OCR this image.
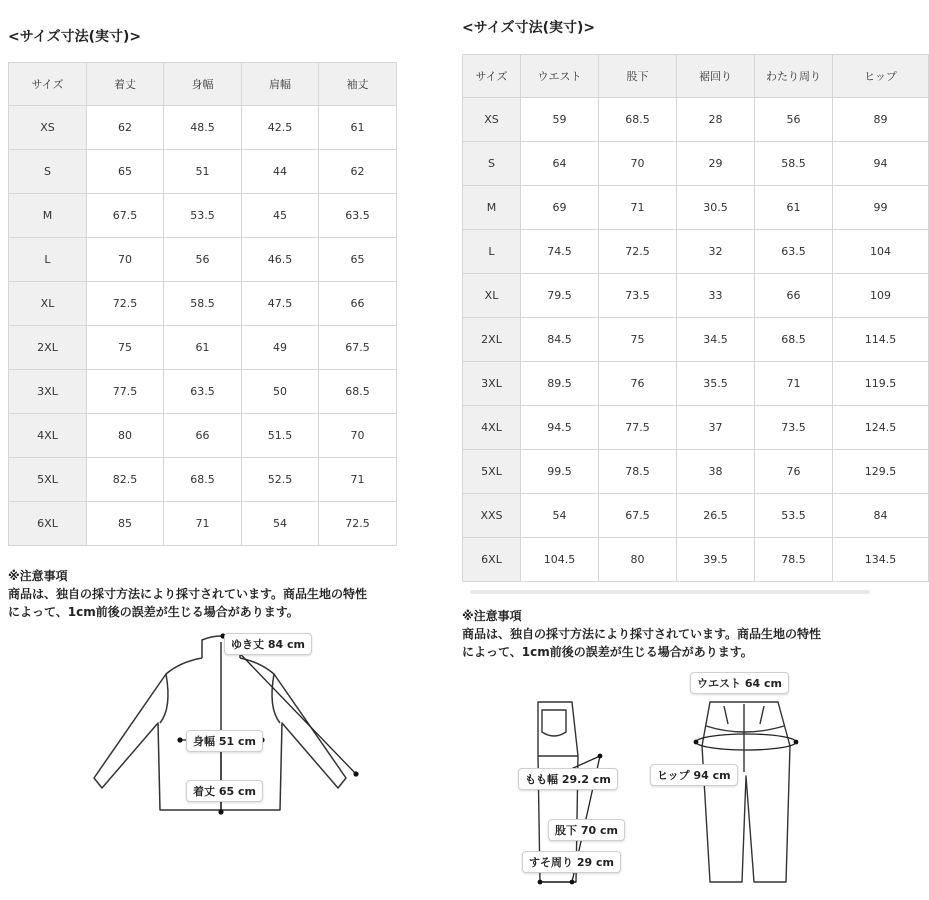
<サイズ寸法(実寸)>
サイズ	着丈	身幅	肩幅	袖丈
XS	62	48.5	42.5	61
S	65	51	44	62
M	67.5	53.5	45	63.5
L	70	56	46.5	65
XL	72.5	58.5	47.5	66
2XL	75	61	49	67.5
3XL	77.5	63.5	50	68.5
4XL	80	66	51.5	70
5XL	82.5	68.5	52.5	71
6XL	85	71	54	72.5
<サイズ寸法(実寸)>
サイズ	ウエスト	股下	裾回り	わたり周り	ヒップ
XS	59	68.5	28	56	89
S	64	70	29	58.5	94
M	69	71	30.5	61	99
L	74.5	72.5	32	63.5	104
XL	79.5	73.5	33	66	109
2XL	84.5	75	34.5	68.5	114.5
3XL	89.5	76	35.5	71	119.5
4XL	94.5	77.5	37	73.5	124.5
5XL	99.5	78.5	38	76	129.5
XXS	54	67.5	26.5	53.5	84
6XL	104.5	80	39.5	78.5	134.5
※注意事項
商品は、独自の採寸方法により採寸されています。商品生地の特性
によって、1cm前後の誤差が生じる場合があります。	※注意事項
商品は、独自の採寸方法により採寸されています。商品生地の特性
によって、1cm前後の誤差が生じる場合があります。
ゆき丈 84 cm
身幅 51 cm
着丈 65 cm
ウエスト 64 cm
ヒップ 94 cm
もも幅 29.2 cm
股下 70 cm
すそ周り 29 cm
